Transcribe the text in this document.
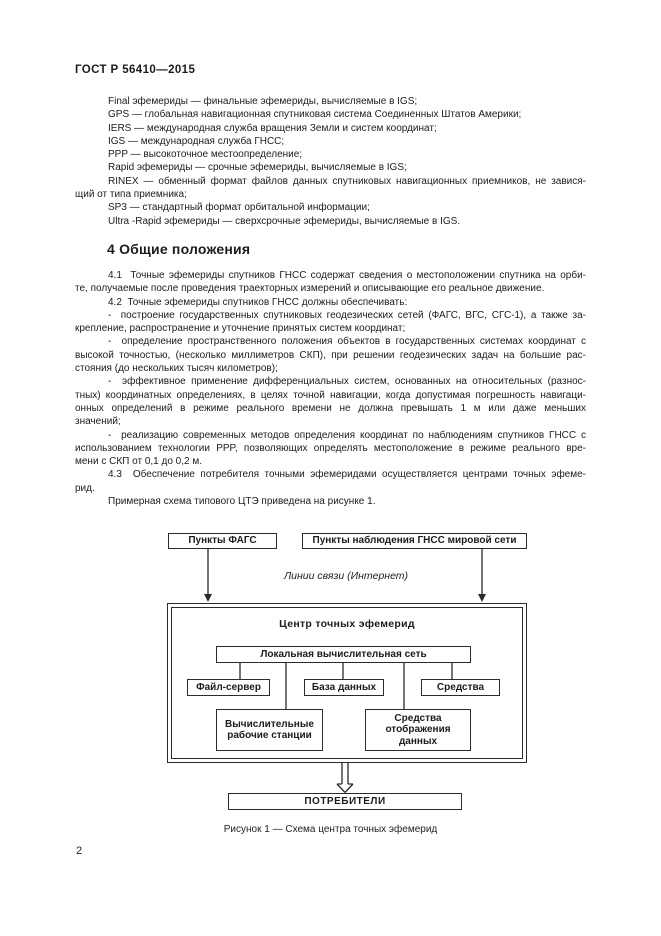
ГОСТ Р 56410—2015
Final эфемериды — финальные эфемериды, вычисляемые в IGS;
GPS — глобальная навигационная спутниковая система Соединенных Штатов Америки;
IERS — международная служба вращения Земли и систем координат;
IGS — международная служба ГНСС;
PPP — высокоточное местоопределение;
Rapid эфемериды — срочные эфемериды, вычисляемые в IGS;
RINEX — обменный формат файлов данных спутниковых навигационных приемников, не завися-
щий от типа приемника;
SP3 — стандартный формат орбитальной информации;
Ultra -Rapid эфемериды — сверхсрочные эфемериды, вычисляемые в IGS.
4 Общие положения
4.1  Точные эфемериды спутников ГНСС содержат сведения о местоположении спутника на орби-
те, получаемые после проведения траекторных измерений и описывающие его реальное движение.
4.2  Точные эфемериды спутников ГНСС должны обеспечивать:
-  построение государственных спутниковых геодезических сетей (ФАГС, ВГС, СГС-1), а также за-
крепление, распространение и уточнение принятых систем координат;
-  определение пространственного положения объектов в государственных системах координат с
высокой точностью, (несколько миллиметров СКП), при решении геодезических задач на большие рас-
стояния (до нескольких тысяч километров);
-  эффективное применение дифференциальных систем, основанных на относительных (разнос-
тных) координатных определениях, в целях точной навигации, когда допустимая погрешность навигаци-
онных определений в режиме реального времени не должна превышать 1 м или даже меньших
значений;
-  реализацию современных методов определения координат по наблюдениям спутников ГНСС с
использованием технологии PPP, позволяющих определять местоположение в режиме реального вре-
мени с СКП от 0,1 до 0,2 м.
4.3  Обеспечение потребителя точными эфемеридами осуществляется центрами точных эфеме-
рид.
Примерная схема типового ЦТЭ приведена на рисунке 1.
Пункты ФАГС	Пункты наблюдения ГНСС мировой сети
Линии связи (Интернет)
Центр точных эфемерид
Локальная вычислительная сеть
Файл-сервер	База данных	Средства
Вычислительные рабочие станции
Средства отображения данных
ПОТРЕБИТЕЛИ
Рисунок 1 — Схема центра точных эфемерид
2
